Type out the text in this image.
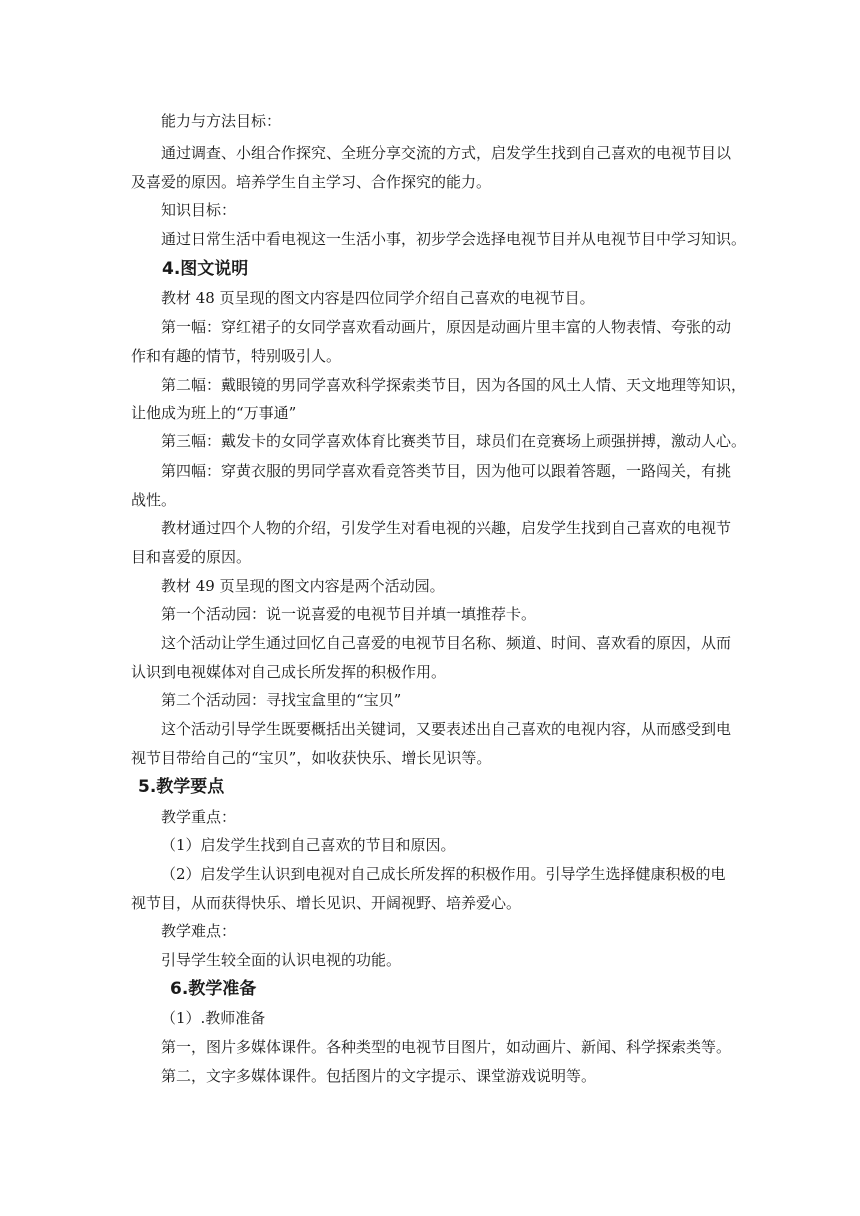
能力与方法目标：
通过调查、小组合作探究、全班分享交流的方式，启发学生找到自己喜欢的电视节目以
及喜爱的原因。培养学生自主学习、合作探究的能力。
知识目标：
通过日常生活中看电视这一生活小事，初步学会选择电视节目并从电视节目中学习知识。
4.图文说明
教材 48 页呈现的图文内容是四位同学介绍自己喜欢的电视节目。
第一幅：穿红裙子的女同学喜欢看动画片，原因是动画片里丰富的人物表情、夸张的动
作和有趣的情节，特别吸引人。
第二幅：戴眼镜的男同学喜欢科学探索类节目，因为各国的风土人情、天文地理等知识，
让他成为班上的“万事通”
第三幅：戴发卡的女同学喜欢体育比赛类节目，球员们在竞赛场上顽强拼搏，激动人心。
第四幅：穿黄衣服的男同学喜欢看竞答类节目，因为他可以跟着答题，一路闯关，有挑
战性。
教材通过四个人物的介绍，引发学生对看电视的兴趣，启发学生找到自己喜欢的电视节
目和喜爱的原因。
教材 49 页呈现的图文内容是两个活动园。
第一个活动园：说一说喜爱的电视节目并填一填推荐卡。
这个活动让学生通过回忆自己喜爱的电视节目名称、频道、时间、喜欢看的原因，从而
认识到电视媒体对自己成长所发挥的积极作用。
第二个活动园：寻找宝盒里的“宝贝”
这个活动引导学生既要概括出关键词，又要表述出自己喜欢的电视内容，从而感受到电
视节目带给自己的“宝贝”，如收获快乐、增长见识等。
5.教学要点
教学重点：
（1）启发学生找到自己喜欢的节目和原因。
（2）启发学生认识到电视对自己成长所发挥的积极作用。引导学生选择健康积极的电
视节目，从而获得快乐、增长见识、开阔视野、培养爱心。
教学难点：
引导学生较全面的认识电视的功能。
6.教学准备
（1）.教师准备
第一，图片多媒体课件。各种类型的电视节目图片，如动画片、新闻、科学探索类等。
第二，文字多媒体课件。包括图片的文字提示、课堂游戏说明等。
